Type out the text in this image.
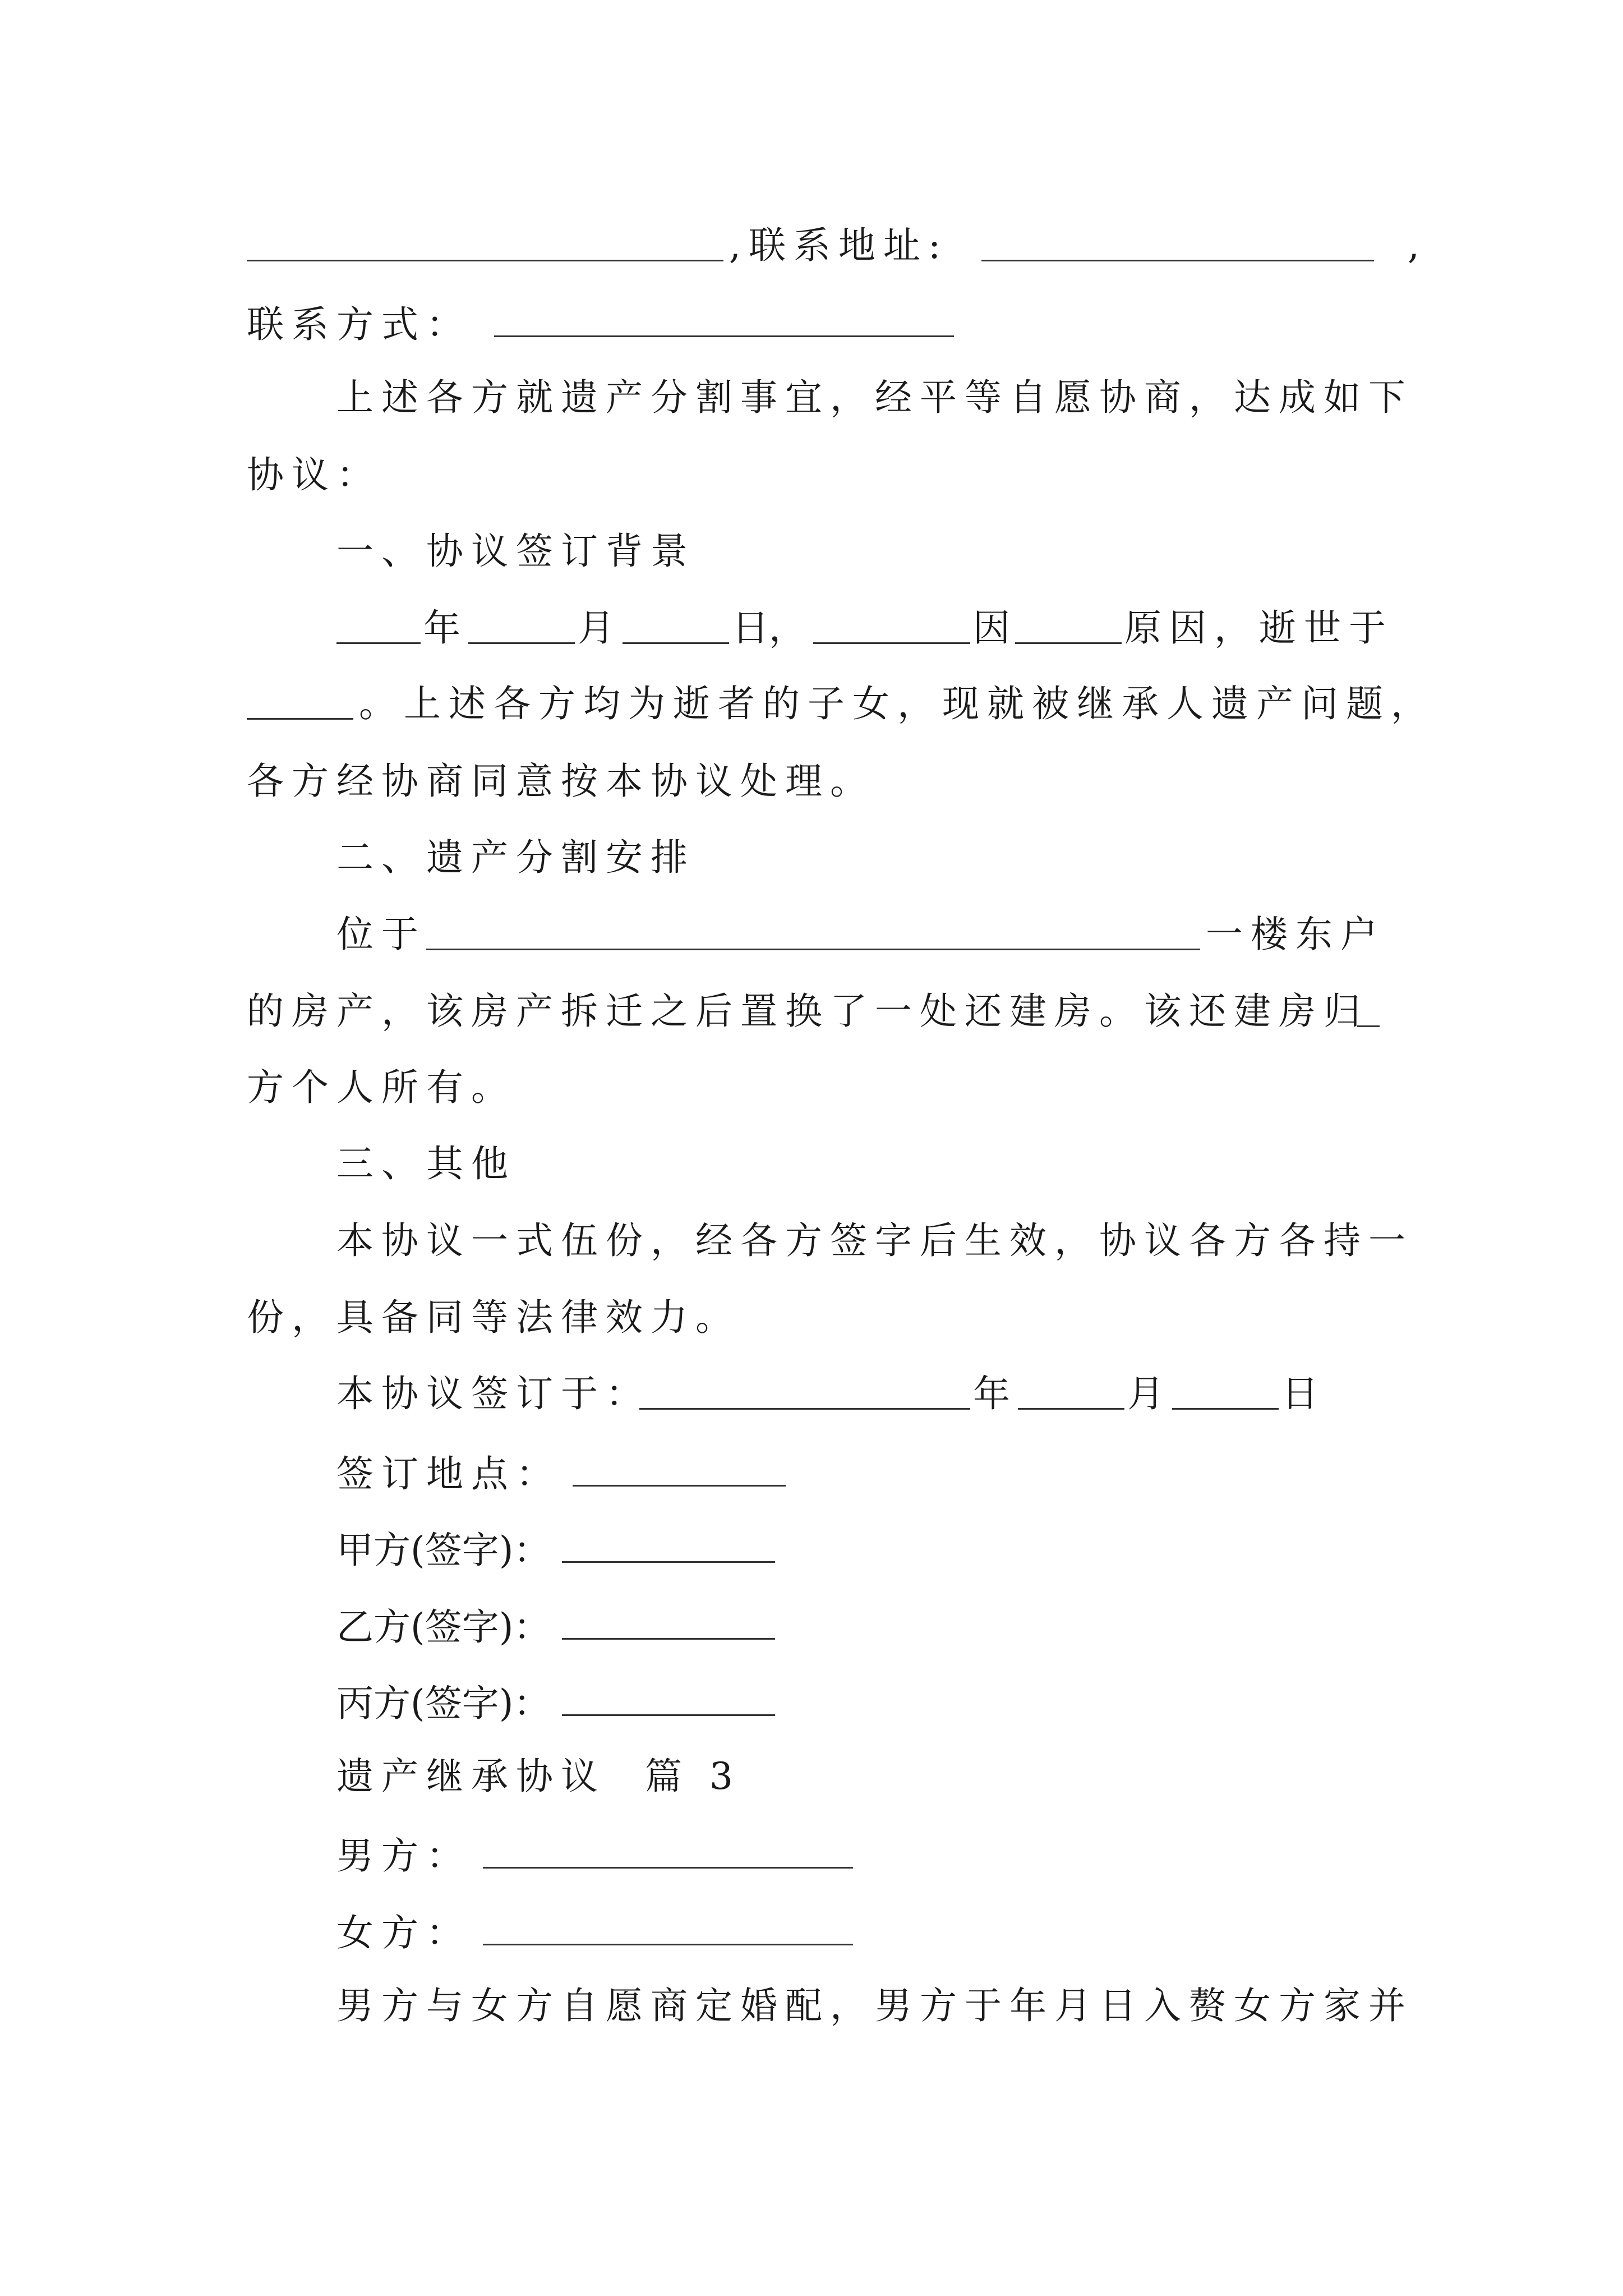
,联系地址:	,
联系方式：
上述各方就遗产分割事宜，经平等自愿协商，达成如下
协议：
一、协议签订背景
年	月	日，	因	原因，逝世于
。上述各方均为逝者的子女，现就被继承人遗产问题，
各方经协商同意按本协议处理。
二、遗产分割安排
位于	一楼东户
的房产，该房产拆迁之后置换了一处还建房。该还建房归
方个人所有。
三、其他
本协议一式伍份，经各方签字后生效，协议各方各持一
份，具备同等法律效力。
本协议签订于：	年	月	日
签订地点：
甲方(签字)：
乙方(签字)：
丙方(签字)：
遗产继承协议  篇 3
男方：
女方：
男方与女方自愿商定婚配，男方于年月日入赘女方家并
